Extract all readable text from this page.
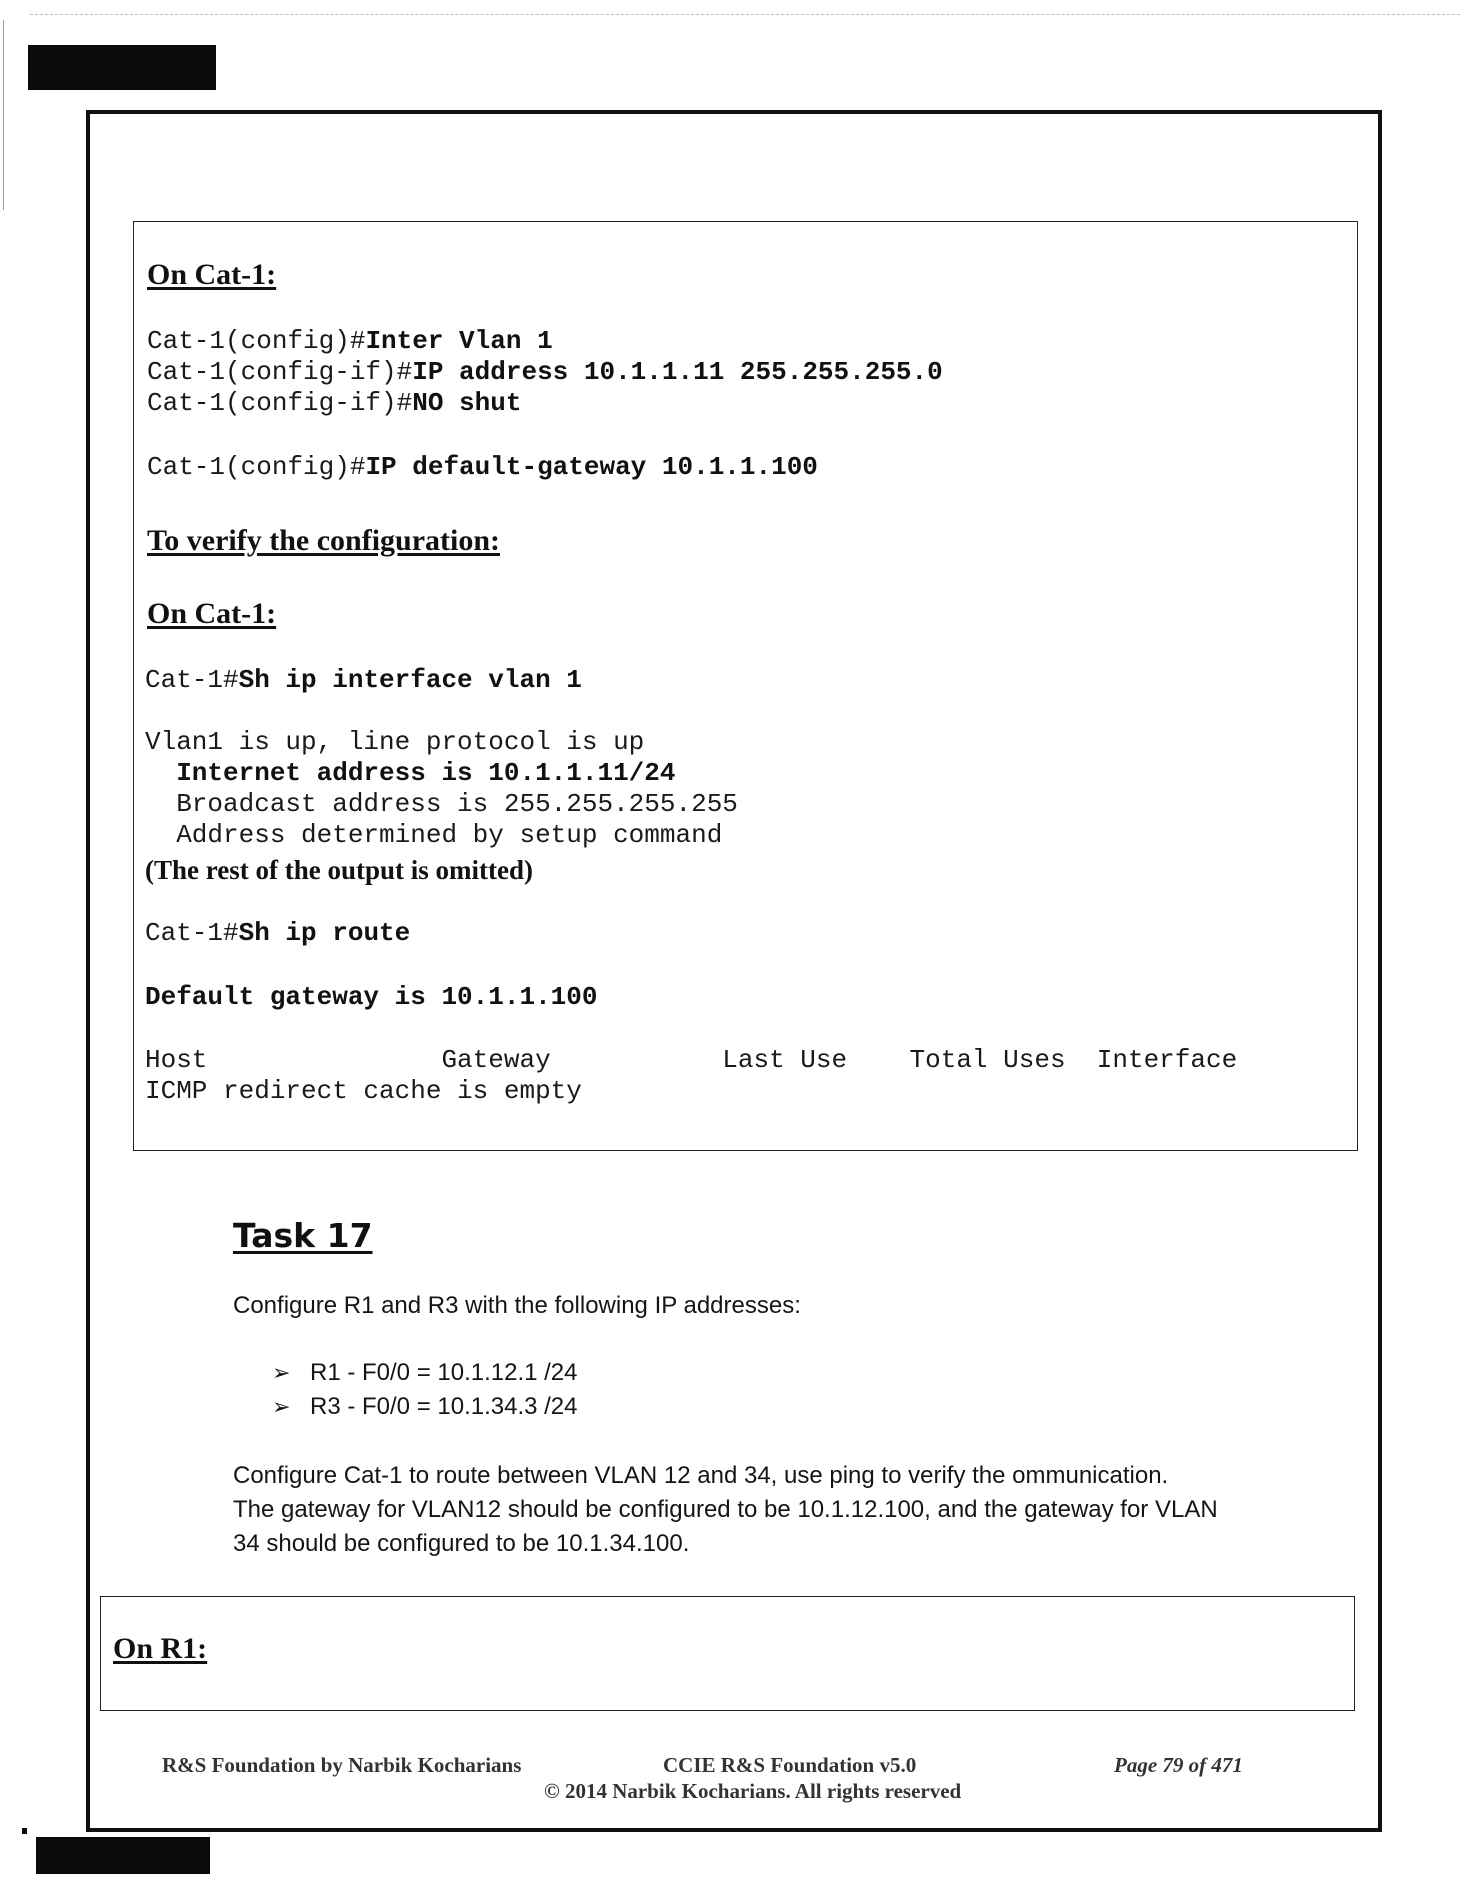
On Cat-1:
Cat-1(config)#Inter Vlan 1
Cat-1(config-if)#IP address 10.1.1.11 255.255.255.0
Cat-1(config-if)#NO shut
Cat-1(config)#IP default-gateway 10.1.1.100
To verify the configuration:
On Cat-1:
Cat-1#Sh ip interface vlan 1
Vlan1 is up, line protocol is up
Internet address is 10.1.1.11/24
Broadcast address is 255.255.255.255
Address determined by setup command
(The rest of the output is omitted)
Cat-1#Sh ip route
Default gateway is 10.1.1.100
Host               Gateway           Last Use    Total Uses  Interface
ICMP redirect cache is empty
Task 17

Configure R1 and R3 with the following IP addresses:

➢ R1 - F0/0 = 10.1.12.1 /24
➢ R3 - F0/0 = 10.1.34.3 /24
Configure Cat-1 to route between VLAN 12 and 34, use ping to verify the ommunication.
The gateway for VLAN12 should be configured to be 10.1.12.100, and the gateway for VLAN
34 should be configured to be 10.1.34.100.
On R1:
R&S Foundation by Narbik Kocharians	CCIE R&S Foundation v5.0	Page 79 of 471
© 2014 Narbik Kocharians. All rights reserved
